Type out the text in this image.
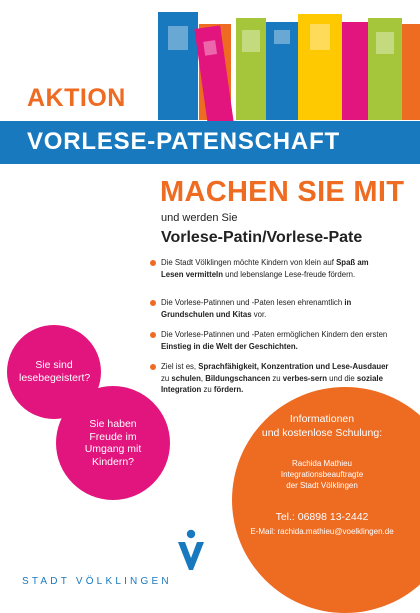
AKTION
VORLESE-PATENSCHAFT
MACHEN SIE MIT
und werden Sie
Vorlese-Patin/Vorlese-Pate
Die Stadt Völklingen möchte Kindern von klein auf Spaß am Lesen vermitteln und lebenslange Lese-freude fördern.
Die Vorlese-Patinnen und -Paten lesen ehrenamtlich in Grundschulen und Kitas vor.
Die Vorlese-Patinnen und -Paten ermöglichen Kindern den ersten Einstieg in die Welt der Geschichten.
Ziel ist es, Sprachfähigkeit, Konzentration und Lese-Ausdauer zu schulen, Bildungschancen zu verbes-sern und die soziale Integration zu fördern.
Sie sind lesebegeistert?
Sie haben Freude im Umgang mit Kindern?
Informationen
und kostenlose Schulung:
Rachida Mathieu
Integrationsbeauftragte
der Stadt Völklingen
Tel.: 06898 13-2442
E-Mail: rachida.mathieu@voelklingen.de
STADT VÖLKLINGEN
